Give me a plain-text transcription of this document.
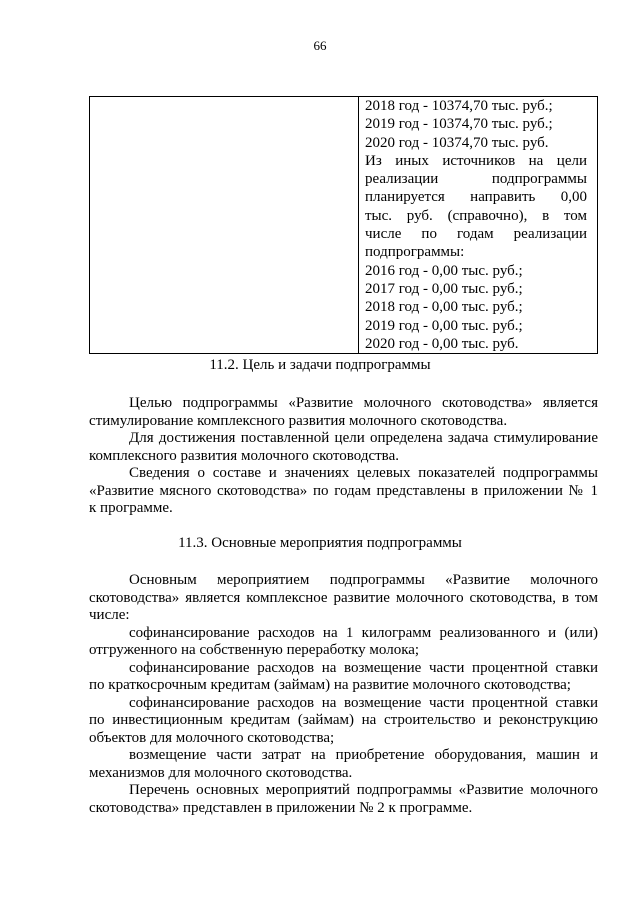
66

2018 год - 10374,70 тыс. руб.;

2019 год - 10374,70 тыс. руб.;

2020 год - 10374,70 тыс. руб.

Из иных источников на цели

реализации подпрограммы

планируется направить 0,00

тыс. руб. (справочно), в том

числе по годам реализации

подпрограммы:

2016 год - 0,00 тыс. руб.;

2017 год - 0,00 тыс. руб.;

2018 год - 0,00 тыс. руб.;

2019 год - 0,00 тыс. руб.;

2020 год - 0,00 тыс. руб.

11.2. Цель и задачи подпрограммы

Целью подпрограммы «Развитие молочного скотоводства» является
стимулирование комплексного развития молочного скотоводства.

Для достижения поставленной цели определена задача стимулирование
комплексного развития молочного скотоводства.

Сведения о составе и значениях целевых показателей подпрограммы
«Развитие мясного скотоводства» по годам представлены в приложении № 1
к программе.

11.3. Основные мероприятия подпрограммы

Основным мероприятием подпрограммы «Развитие молочного
скотоводства» является комплексное развитие молочного скотоводства, в том
числе:

софинансирование расходов на 1 килограмм реализованного и (или)
отгруженного на собственную переработку молока;

софинансирование расходов на возмещение части процентной ставки
по краткосрочным кредитам (займам) на развитие молочного скотоводства;

софинансирование расходов на возмещение части процентной ставки
по инвестиционным кредитам (займам) на строительство и реконструкцию
объектов для молочного скотоводства;

возмещение части затрат на приобретение оборудования, машин и
механизмов для молочного скотоводства.

Перечень основных мероприятий подпрограммы «Развитие молочного
скотоводства» представлен в приложении № 2 к программе.
